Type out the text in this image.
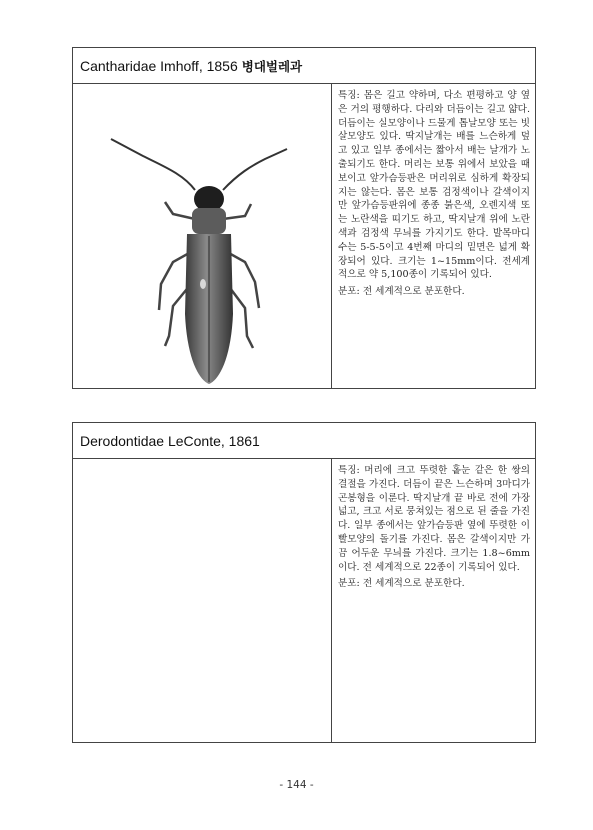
Cantharidae Imhoff, 1856 병대벌레과

특징: 몸은 길고 약하며, 다소 편평하고 양 옆은 거의 평행하다. 다리와 더듬이는 길고 얇다. 더듬이는 실모양이나 드물게 톱날모양 또는 빗살모양도 있다. 딱지날개는 배를 느슨하게 덮고 있고 일부 종에서는 짧아서 배는 날개가 노출되기도 한다. 머리는 보통 위에서 보았을 때 보이고 앞가슴등판은 머리위로 심하게 확장되지는 않는다. 몸은 보통 검정색이나 갈색이지만 앞가슴등판위에 종종 붉은색, 오렌지색 또는 노란색을 띠기도 하고, 딱지날개 위에 노란색과 검정색 무늬를 가지기도 한다. 발목마디수는 5-5-5이고 4번째 마디의 밑면은 넓게 확장되어 있다. 크기는 1~15mm이다. 전세계적으로 약 5,100종이 기록되어 있다.

분포: 전 세계적으로 분포한다.

Derodontidae LeConte, 1861

특징: 머리에 크고 뚜렷한 홑눈 같은 한 쌍의 결절을 가진다. 더듬이 끝은 느슨하며 3마디가 곤봉형을 이룬다. 딱지날개 끝 바로 전에 가장 넓고, 크고 서로 뭉쳐있는 점으로 된 줄을 가진다. 일부 종에서는 앞가슴등판 옆에 뚜렷한 이빨모양의 돌기를 가진다. 몸은 갈색이지만 가끔 어두운 무늬를 가진다. 크기는 1.8~6mm이다. 전 세계적으로 22종이 기록되어 있다.

분포: 전 세계적으로 분포한다.

- 144 -
